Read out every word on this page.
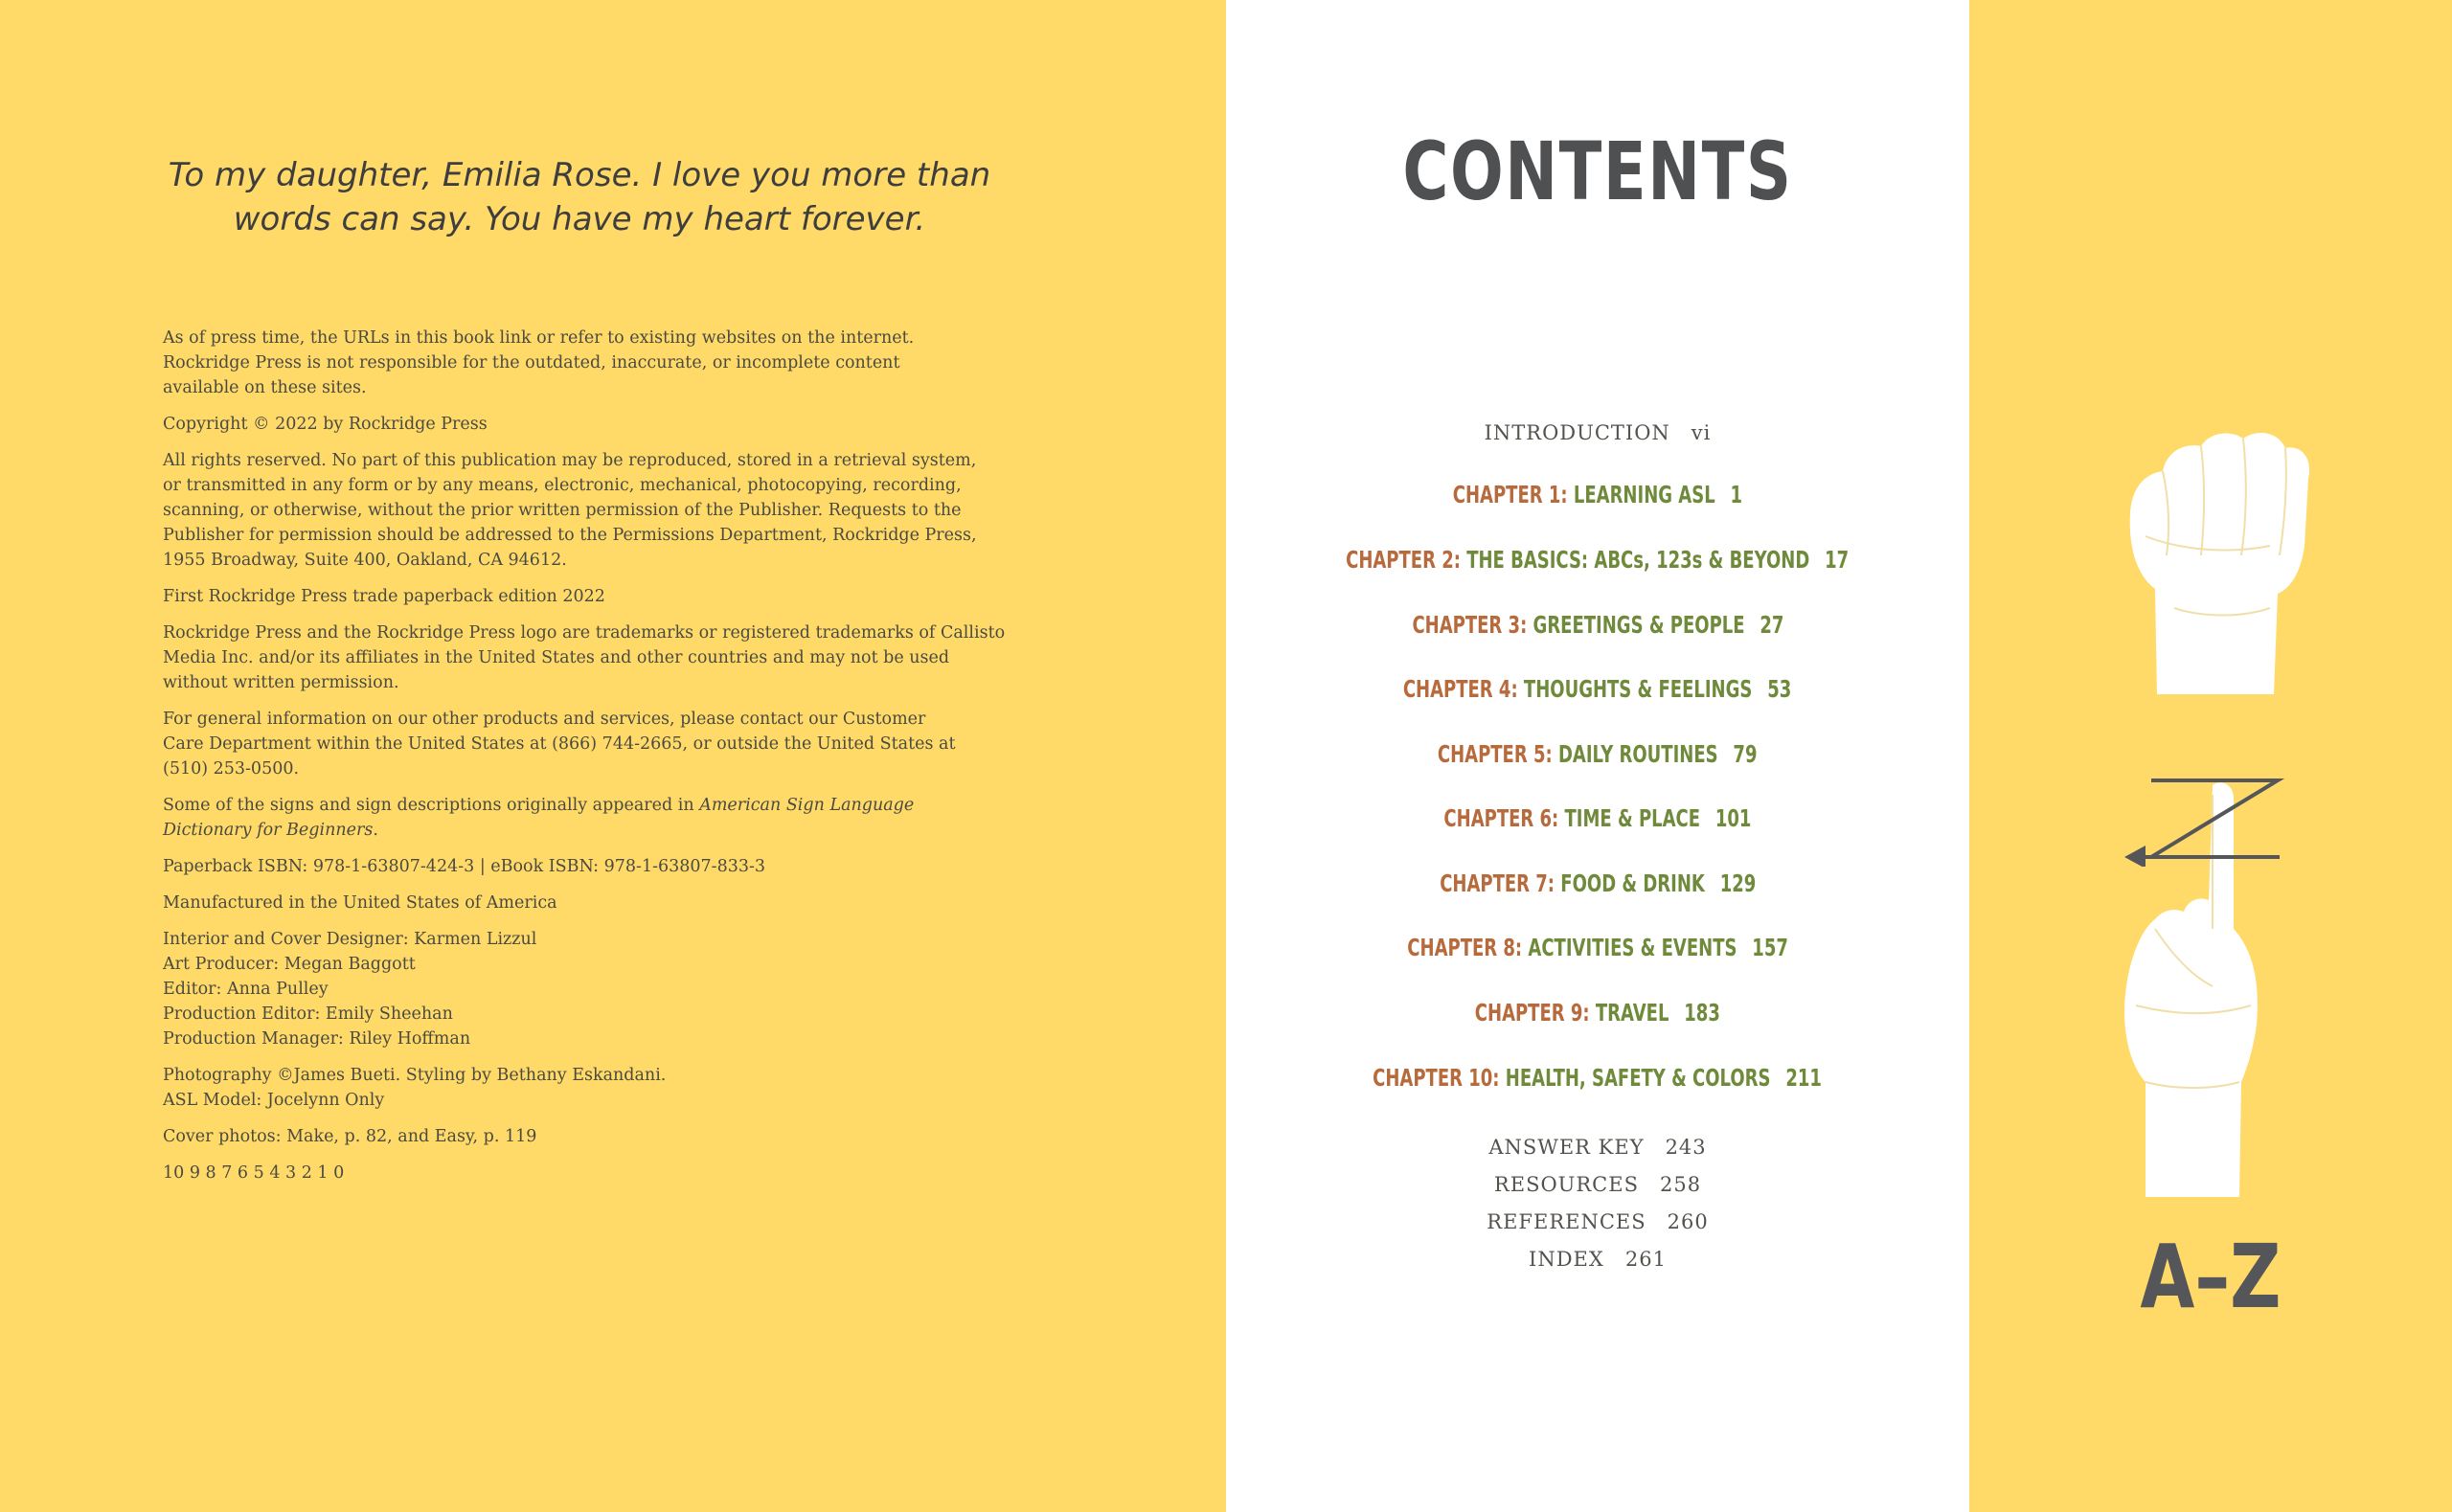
To my daughter, Emilia Rose. I love you more than
words can say. You have my heart forever.

As of press time, the URLs in this book link or refer to existing websites on the internet.
Rockridge Press is not responsible for the outdated, inaccurate, or incomplete content
available on these sites.

Copyright © 2022 by Rockridge Press

All rights reserved. No part of this publication may be reproduced, stored in a retrieval system,
or transmitted in any form or by any means, electronic, mechanical, photocopying, recording,
scanning, or otherwise, without the prior written permission of the Publisher. Requests to the
Publisher for permission should be addressed to the Permissions Department, Rockridge Press,
1955 Broadway, Suite 400, Oakland, CA 94612.

First Rockridge Press trade paperback edition 2022

Rockridge Press and the Rockridge Press logo are trademarks or registered trademarks of Callisto
Media Inc. and/or its affiliates in the United States and other countries and may not be used
without written permission.

For general information on our other products and services, please contact our Customer
Care Department within the United States at (866) 744-2665, or outside the United States at
(510) 253-0500.

Some of the signs and sign descriptions originally appeared in American Sign Language
Dictionary for Beginners.

Paperback ISBN: 978-1-63807-424-3 | eBook ISBN: 978-1-63807-833-3

Manufactured in the United States of America

Interior and Cover Designer: Karmen Lizzul
Art Producer: Megan Baggott
Editor: Anna Pulley
Production Editor: Emily Sheehan
Production Manager: Riley Hoffman

Photography ©James Bueti. Styling by Bethany Eskandani.
ASL Model: Jocelynn Only

Cover photos: Make, p. 82, and Easy, p. 119

10 9 8 7 6 5 4 3 2 1 0

CONTENTS
INTRODUCTION vi
CHAPTER 1: LEARNING ASL 1
CHAPTER 2: THE BASICS: ABCs, 123s & BEYOND 17
CHAPTER 3: GREETINGS & PEOPLE 27
CHAPTER 4: THOUGHTS & FEELINGS 53
CHAPTER 5: DAILY ROUTINES 79
CHAPTER 6: TIME & PLACE 101
CHAPTER 7: FOOD & DRINK 129
CHAPTER 8: ACTIVITIES & EVENTS 157
CHAPTER 9: TRAVEL 183
CHAPTER 10: HEALTH, SAFETY & COLORS 211
ANSWER KEY 243
RESOURCES 258
REFERENCES 260
INDEX 261	A–Z
